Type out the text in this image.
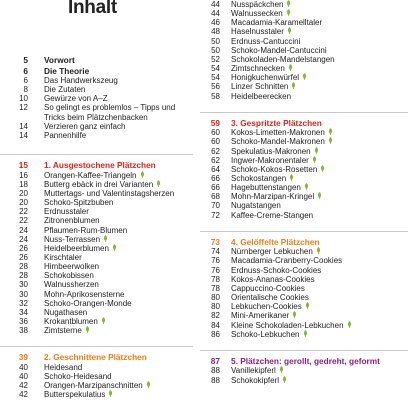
Inhalt
5	Vorwort
6	Die Theorie
6	Das Handwerkszeug
8	Die Zutaten
10	Gewürze von A–Z
12	So gelingt es problemlos – Tipps und Tricks beim Plätzchenbacken
14	Verzieren ganz einfach
14	Pannenhilfe
15	1. Ausgestochene Plätzchen
16	Orangen-Kaffee-Triangeln
18	Butterg ebäck in drei Varianten
20	Muttertags- und Valentinstagsherzen
20	Schoko-Spitzbuben
22	Erdnusstaler
22	Zitronenblumen
24	Pflaumen-Rum-Blumen
24	Nuss-Terrassen
26	Heidelbeerblumen
26	Kirschtaler
28	Himbeerwolken
28	Schokobissen
30	Walnussherzen
30	Mohn-Aprikosensterne
32	Schoko-Orangen-Monde
34	Nugathasen
36	Krokantblumen
38	Zimtsterne
39	2. Geschnittene Plätzchen
40	Heidesand
40	Schoko-Heidesand
42	Orangen-Marzipanschnitten
42	Butterspekulatius
44	Nusspäckchen
44	Walnussecken
46	Macadamia-Karamelltaler
48	Haselnusstaler
50	Erdnuss-Cantuccini
50	Schoko-Mandel-Cantuccini
52	Schokoladen-Mandelstangen
54	Zimtschnecken
54	Honigkuchenwürfel
56	Linzer Schnitten
58	Heidelbeerecken
59	3. Gespritzte Plätzchen
60	Kokos-Limetten-Makronen
60	Schoko-Mandel-Makronen
62	Spekulatius-Makronen
62	Ingwer-Makronentaler
64	Schoko-Kokos-Rosetten
66	Schokostangen
66	Hagebuttenstangen
68	Mohn-Marzipan-Kringel
70	Nugatstangen
72	Kaffee-Creme-Stangen
73	4. Gelöffelte Plätzchen
74	Nürnberger Lebkuchen
76	Macadamia-Cranberry-Cookies
76	Erdnuss-Schoko-Cookies
78	Kokos-Ananas-Cookies
78	Cappuccino-Cookies
80	Orientalische Cookies
80	Lebkuchen-Cookies
82	Mini-Amerikaner
84	Kleine Schokoladen-Lebkuchen
86	Schoko-Lebkuchen
87	5. Plätzchen: gerollt, gedreht, geformt
88	Vanillekipferl
88	Schokokipferl
